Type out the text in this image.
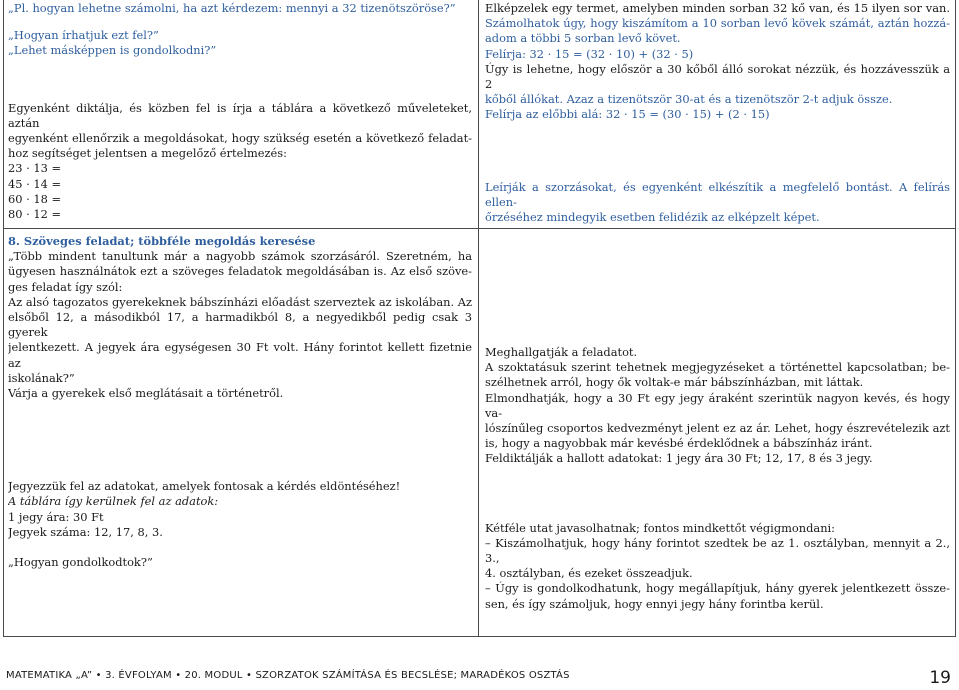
„Pl. hogyan lehetne számolni, ha azt kérdezem: mennyi a 32 tizenötszöröse?”
„Hogyan írhatjuk ezt fel?”
„Lehet másképpen is gondolkodni?”
Egyenként diktálja, és közben fel is írja a táblára a következő műveleteket, aztán
egyenként ellenőrzik a megoldásokat, hogy szükség esetén a következő feladat-
hoz segítséget jelentsen a megelőző értelmezés:
23 · 13 =
45 · 14 =
60 · 18 =
80 · 12 =
Elképzelek egy termet, amelyben minden sorban 32 kő van, és 15 ilyen sor van.
Számolhatok úgy, hogy kiszámítom a 10 sorban levő kövek számát, aztán hozzá-
adom a többi 5 sorban levő követ.
Felírja: 32 · 15 = (32 · 10) + (32 · 5)
Úgy is lehetne, hogy először a 30 kőből álló sorokat nézzük, és hozzávesszük a 2
kőből állókat. Azaz a tizenötször 30-at és a tizenötször 2-t adjuk össze.
Felírja az előbbi alá: 32 · 15 = (30 · 15) + (2 · 15)
Leírják a szorzásokat, és egyenként elkészítik a megfelelő bontást. A felírás ellen-
őrzéséhez mindegyik esetben felidézik az elképzelt képet.
8. Szöveges feladat; többféle megoldás keresése
„Több mindent tanultunk már a nagyobb számok szorzásáról. Szeretném, ha
ügyesen használnátok ezt a szöveges feladatok megoldásában is. Az első szöve-
ges feladat így szól:
Az alsó tagozatos gyerekeknek bábszínházi előadást szerveztek az iskolában. Az
elsőből 12, a másodikból 17, a harmadikból 8, a negyedikből pedig csak 3 gyerek
jelentkezett. A jegyek ára egységesen 30 Ft volt. Hány forintot kellett fizetnie az
iskolának?”
Várja a gyerekek első meglátásait a történetről.
Jegyezzük fel az adatokat, amelyek fontosak a kérdés eldöntéséhez!
A táblára így kerülnek fel az adatok:
1 jegy ára: 30 Ft
Jegyek száma: 12, 17, 8, 3.
„Hogyan gondolkodtok?”
Meghallgatják a feladatot.
A szoktatásuk szerint tehetnek megjegyzéseket a történettel kapcsolatban; be-
szélhetnek arról, hogy ők voltak-e már bábszínházban, mit láttak.
Elmondhatják, hogy a 30 Ft egy jegy áraként szerintük nagyon kevés, és hogy va-
lószínűleg csoportos kedvezményt jelent ez az ár. Lehet, hogy észrevételezik azt
is, hogy a nagyobbak már kevésbé érdeklődnek a bábszínház iránt.
Feldiktálják a hallott adatokat: 1 jegy ára 30 Ft; 12, 17, 8 és 3 jegy.
Kétféle utat javasolhatnak; fontos mindkettőt végigmondani:
– Kiszámolhatjuk, hogy hány forintot szedtek be az 1. osztályban, mennyit a 2., 3.,
4. osztályban, és ezeket összeadjuk.
– Úgy is gondolkodhatunk, hogy megállapítjuk, hány gyerek jelentkezett össze-
sen, és így számoljuk, hogy ennyi jegy hány forintba kerül.
MATEMATIKA „A” • 3. ÉVFOLYAM • 20. MODUL • SZORZATOK SZÁMÍTÁSA ÉS BECSLÉSE; MARADÉKOS OSZTÁS	19
